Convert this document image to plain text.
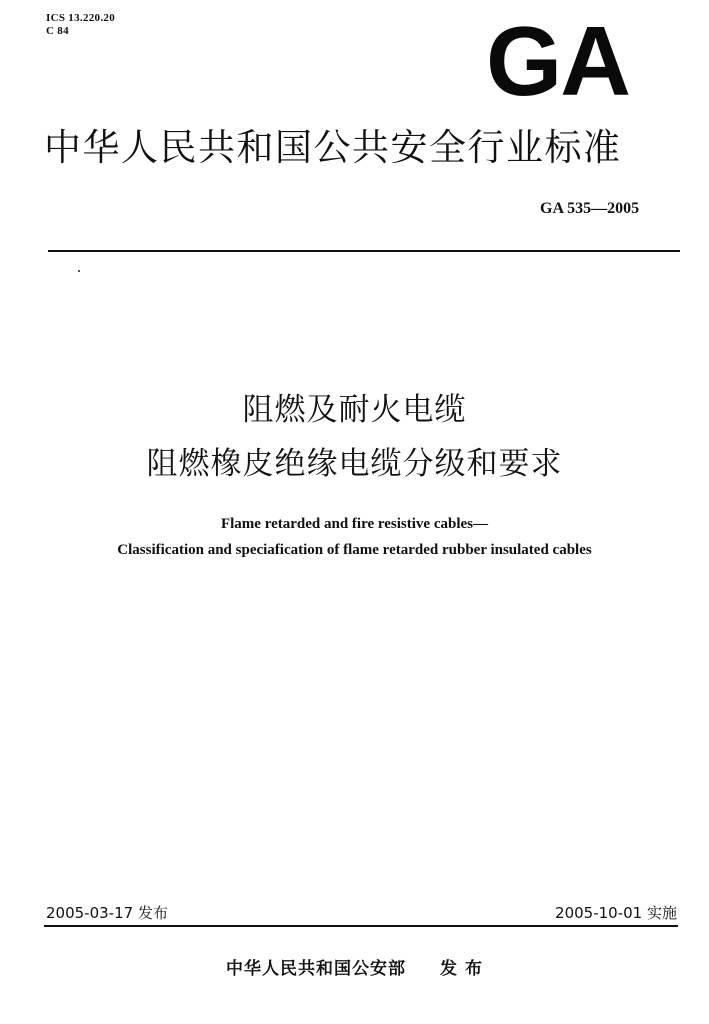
ICS 13.220.20
C 84	GA
中华人民共和国公共安全行业标准
GA 535—2005
阻燃及耐火电缆
阻燃橡皮绝缘电缆分级和要求
Flame retarded and fire resistive cables—
Classification and speciafication of flame retarded rubber insulated cables
2005-03-17 发布	2005-10-01 实施
中华人民共和国公安部 发 布
